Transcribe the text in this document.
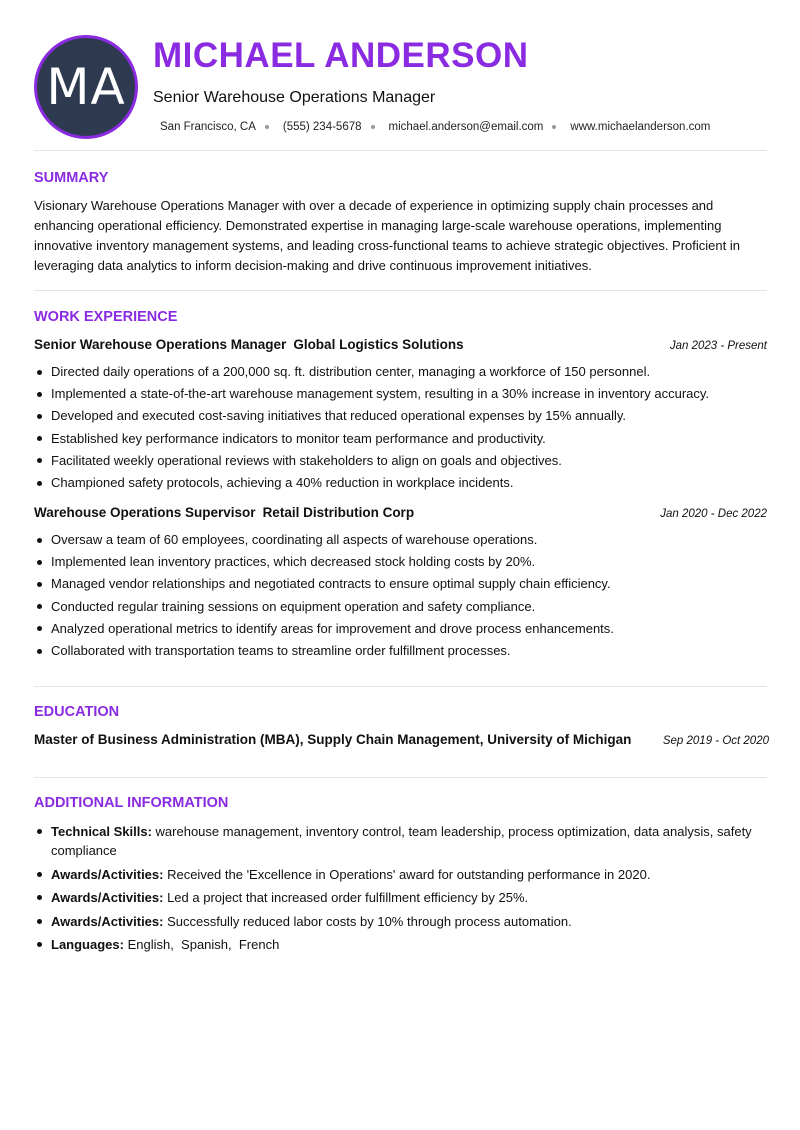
MA
MICHAEL ANDERSON
Senior Warehouse Operations Manager
San Francisco, CA (555) 234-5678 michael.anderson@email.com www.michaelanderson.com
SUMMARY
Visionary Warehouse Operations Manager with over a decade of experience in optimizing supply chain processes and enhancing operational efficiency. Demonstrated expertise in managing large-scale warehouse operations, implementing innovative inventory management systems, and leading cross-functional teams to achieve strategic objectives. Proficient in leveraging data analytics to inform decision-making and drive continuous improvement initiatives.
WORK EXPERIENCE
Senior Warehouse Operations Manager Global Logistics Solutions	Jan 2023 - Present
Directed daily operations of a 200,000 sq. ft. distribution center, managing a workforce of 150 personnel.
Implemented a state-of-the-art warehouse management system, resulting in a 30% increase in inventory accuracy.
Developed and executed cost-saving initiatives that reduced operational expenses by 15% annually.
Established key performance indicators to monitor team performance and productivity.
Facilitated weekly operational reviews with stakeholders to align on goals and objectives.
Championed safety protocols, achieving a 40% reduction in workplace incidents.
Warehouse Operations Supervisor Retail Distribution Corp	Jan 2020 - Dec 2022
Oversaw a team of 60 employees, coordinating all aspects of warehouse operations.
Implemented lean inventory practices, which decreased stock holding costs by 20%.
Managed vendor relationships and negotiated contracts to ensure optimal supply chain efficiency.
Conducted regular training sessions on equipment operation and safety compliance.
Analyzed operational metrics to identify areas for improvement and drove process enhancements.
Collaborated with transportation teams to streamline order fulfillment processes.
EDUCATION
Master of Business Administration (MBA), Supply Chain Management, University of Michigan	Sep 2019 - Oct 2020
ADDITIONAL INFORMATION
Technical Skills: warehouse management, inventory control, team leadership, process optimization, data analysis, safety compliance
Awards/Activities: Received the 'Excellence in Operations' award for outstanding performance in 2020.
Awards/Activities: Led a project that increased order fulfillment efficiency by 25%.
Awards/Activities: Successfully reduced labor costs by 10% through process automation.
Languages: English,  Spanish,  French
